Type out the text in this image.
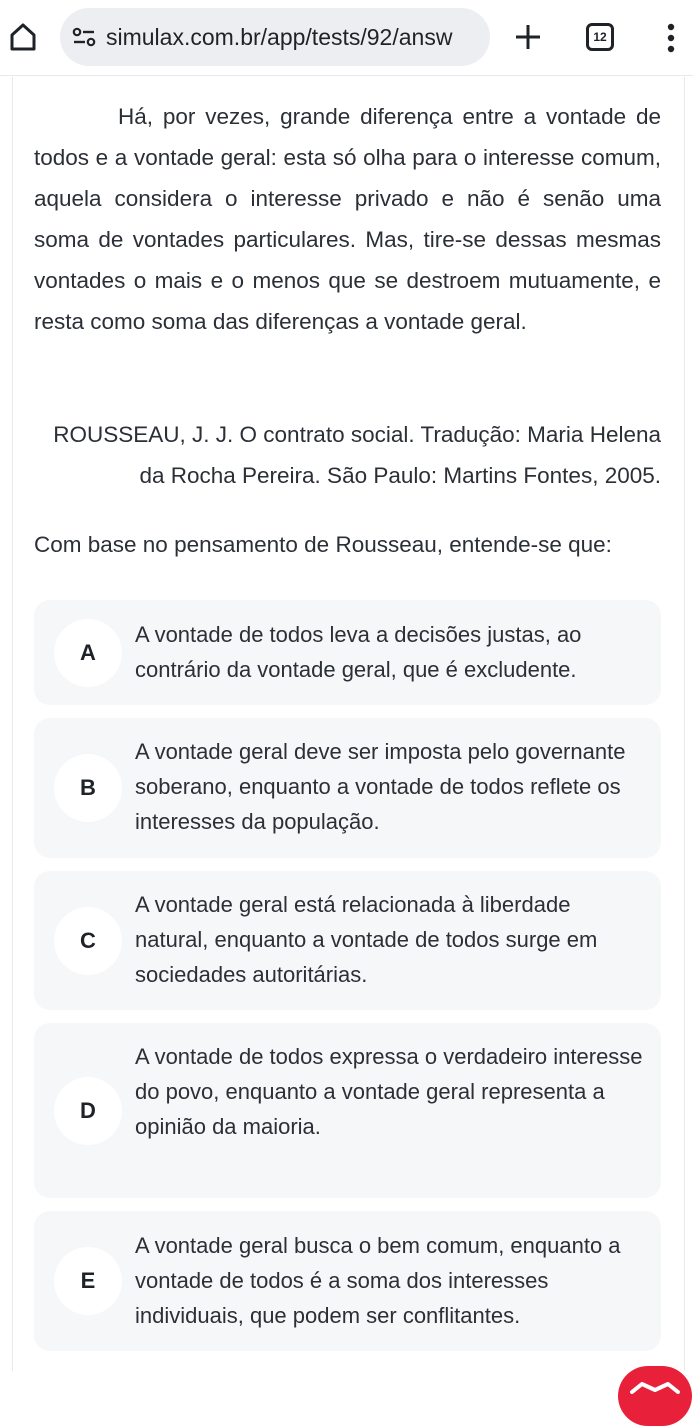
simulax.com.br/app/tests/92/answ	12

Há, por vezes, grande diferença entre a vontade de todos e a vontade geral: esta só olha para o interesse comum, aquela considera o interesse privado e não é senão uma soma de vontades particulares. Mas, tire-se dessas mesmas vontades o mais e o menos que se destroem mutuamente, e resta como soma das diferenças a vontade geral.

ROUSSEAU, J. J. O contrato social. Tradução: Maria Helena da Rocha Pereira. São Paulo: Martins Fontes, 2005.

Com base no pensamento de Rousseau, entende-se que:

A
A vontade de todos leva a decisões justas, ao contrário da vontade geral, que é excludente.
B
A vontade geral deve ser imposta pelo governante soberano, enquanto a vontade de todos reflete os interesses da população.
C
A vontade geral está relacionada à liberdade natural, enquanto a vontade de todos surge em sociedades autoritárias.
D
A vontade de todos expressa o verdadeiro interesse do povo, enquanto a vontade geral representa a opinião da maioria.
E
A vontade geral busca o bem comum, enquanto a vontade de todos é a soma dos interesses individuais, que podem ser conflitantes.
